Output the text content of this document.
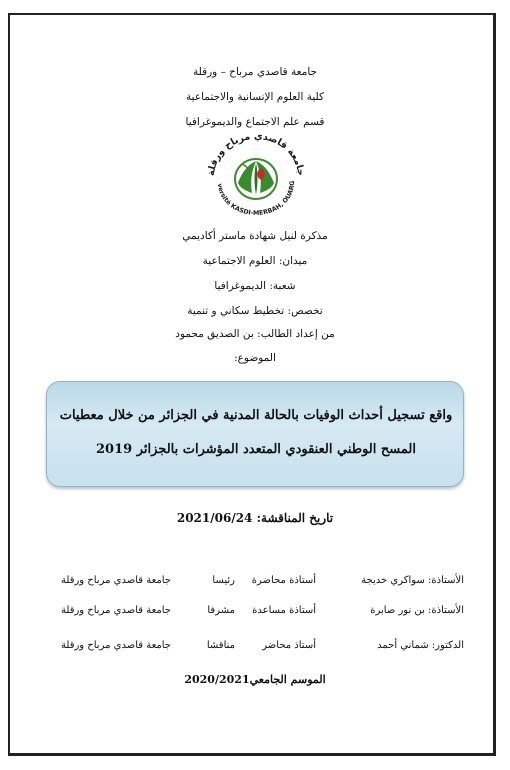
جامعة قاصدي مرباح – ورقلة
كلية العلوم الإنسانية والاجتماعية
قسم علم الاجتماع والديموغرافيا
جامعة قاصدي مرباح ورقلة
versité KASDI-MERBAH, OUARG
مذكرة لنيل شهادة ماستر أكاديمي
ميدان: العلوم الاجتماعية
شعبة: الديموغرافيا
تخصص: تخطيط سكاني و تنمية
من إعداد الطالب: بن الصديق محمود
الموضوع:
واقع تسجيل أحداث الوفيات بالحالة المدنية في الجزائر من خلال معطيات
المسح الوطني العنقودي المتعدد المؤشرات بالجزائر 2019
تاريخ المناقشة: 2021/06/24
الأستاذة: سواكري خديجة
أستاذة محاضرة
رئيسا
جامعة قاصدي مرباح ورقلة
الأستاذة: بن نور صابرة
أستاذة مساعدة
مشرفا
جامعة قاصدي مرباح ورقلة
الدكتور: شماني أحمد
أستاذ محاضر
مناقشا
جامعة قاصدي مرباح ورقلة
الموسم الجامعي2020/2021
